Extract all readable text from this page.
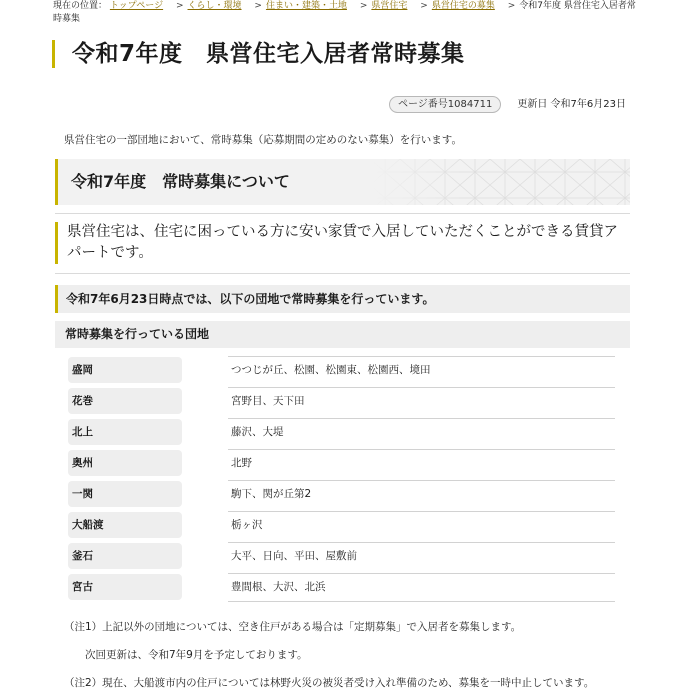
現在の位置： トップページ > くらし・環境 > 住まい・建築・土地 > 県営住宅 > 県営住宅の募集 > 令和7年度 県営住宅入居者常時募集
令和7年度　県営住宅入居者常時募集
ページ番号1084711	更新日 令和7年6月23日

県営住宅の一部団地において、常時募集（応募期間の定めのない募集）を行います。

令和7年度　常時募集について

県営住宅は、住宅に困っている方に安い家賃で入居していただくことができる賃貸アパートです。

令和7年6月23日時点では、以下の団地で常時募集を行っています。
常時募集を行っている団地
盛岡	つつじが丘、松園、松園東、松園西、境田
花巻	宮野目、天下田
北上	藤沢、大堤
奥州	北野
一関	駒下、関が丘第2
大船渡	栃ヶ沢
釜石	大平、日向、平田、屋敷前
宮古	豊間根、大沢、北浜

（注1）上記以外の団地については、空き住戸がある場合は「定期募集」で入居者を募集します。

次回更新は、令和7年9月を予定しております。

（注2）現在、大船渡市内の住戸については林野火災の被災者受け入れ準備のため、募集を一時中止しています。
